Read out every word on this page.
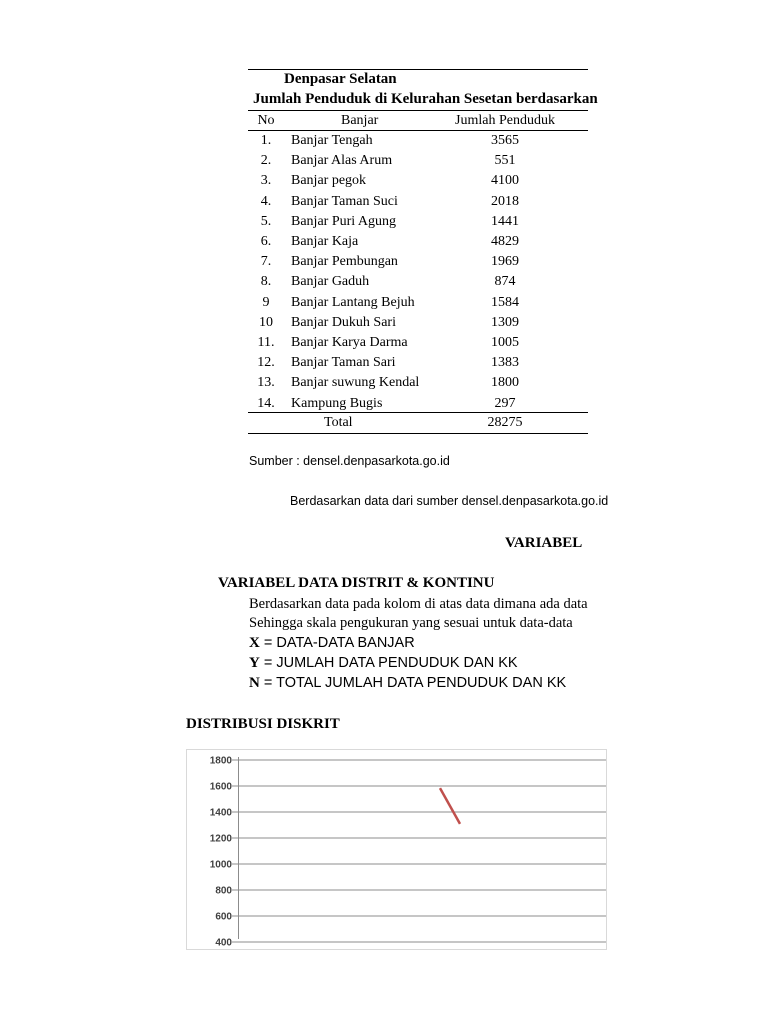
Denpasar Selatan
Jumlah Penduduk di Kelurahan Sesetan berdasarkan
No	Banjar	Jumlah Penduduk
1.	Banjar Tengah	3565
2.	Banjar Alas Arum	551
3.	Banjar pegok	4100
4.	Banjar Taman Suci	2018
5.	Banjar Puri Agung	1441
6.	Banjar Kaja	4829
7.	Banjar Pembungan	1969
8.	Banjar Gaduh	874
9	Banjar Lantang Bejuh	1584
10	Banjar Dukuh Sari	1309
11.	Banjar Karya Darma	1005
12.	Banjar Taman Sari	1383
13.	Banjar suwung Kendal	1800
14.	Kampung Bugis	297
Total	28275
Sumber : densel.denpasarkota.go.id
Berdasarkan data dari sumber densel.denpasarkota.go.id
VARIABEL
VARIABEL DATA DISTRIT & KONTINU
Berdasarkan data pada kolom di atas data dimana ada data
Sehingga skala pengukuran yang sesuai untuk data-data
X = DATA-DATA BANJAR
Y = JUMLAH DATA PENDUDUK DAN KK
N = TOTAL JUMLAH DATA PENDUDUK DAN KK
DISTRIBUSI DISKRIT
1800
1600
1400
1200
1000
800
600
400
